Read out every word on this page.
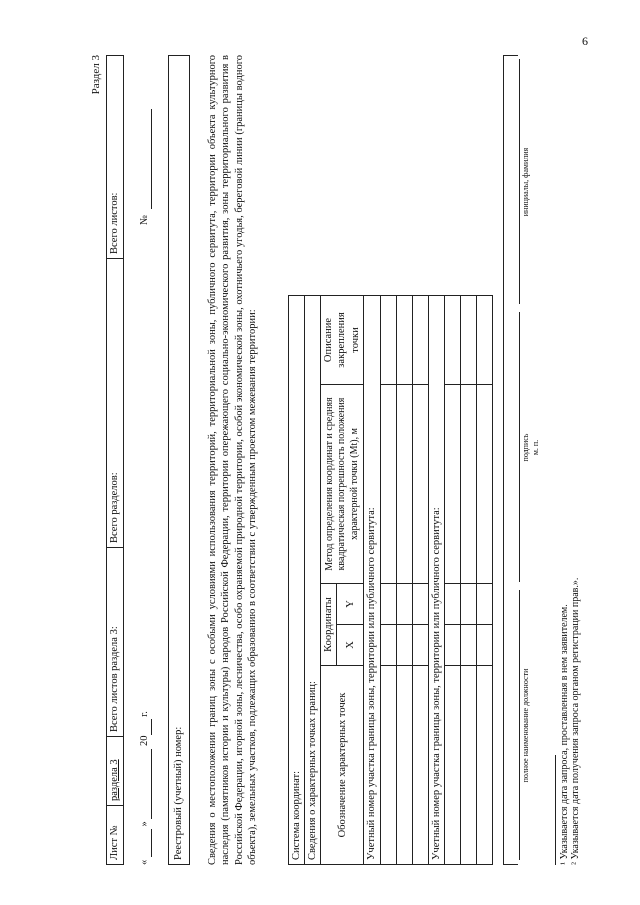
6
Раздел 3
Лист №	раздела 3	Всего листов раздела 3:	Всего разделов:	Всего листов:
«   »   20  г.
№

Реестровый (учетный) номер: Сведения о местоположении границ зоны с особыми условиями использования территорий, территориальной зоны, публичного сервитута, территории объекта культурного наследия (памятников истории и культуры) народов Российской Федерации, территории опережающего социально-экономического развития, зоны территориального развития в Российской Федерации, игорной зоны, лесничества, особо охраняемой природной территории, особой экономической зоны, охотничьего угодья, береговой линии (границы водного объекта), земельных участков, подлежащих образованию в соответствии с утвержденным проектом межевания территории:	Система координат:				
Сведения о характерных точках границ:				
Обозначение характерных точек	Координаты		Метод определения координат и средняя квадратическая погрешность положения характерной точки (Mt), м	Описание закрепления точки
	X	Y		
Учетный номер участка границы зоны, территории или публичного сервитута:				

Учетный номер участка границы зоны, территории или публичного сервитута:				

					полное наименование должности

подпись м. п.

инициалы, фамилия
¹ Указывается дата запроса, проставленная в нем заявителем. ² Указывается дата получения запроса органом регистрации прав.».
